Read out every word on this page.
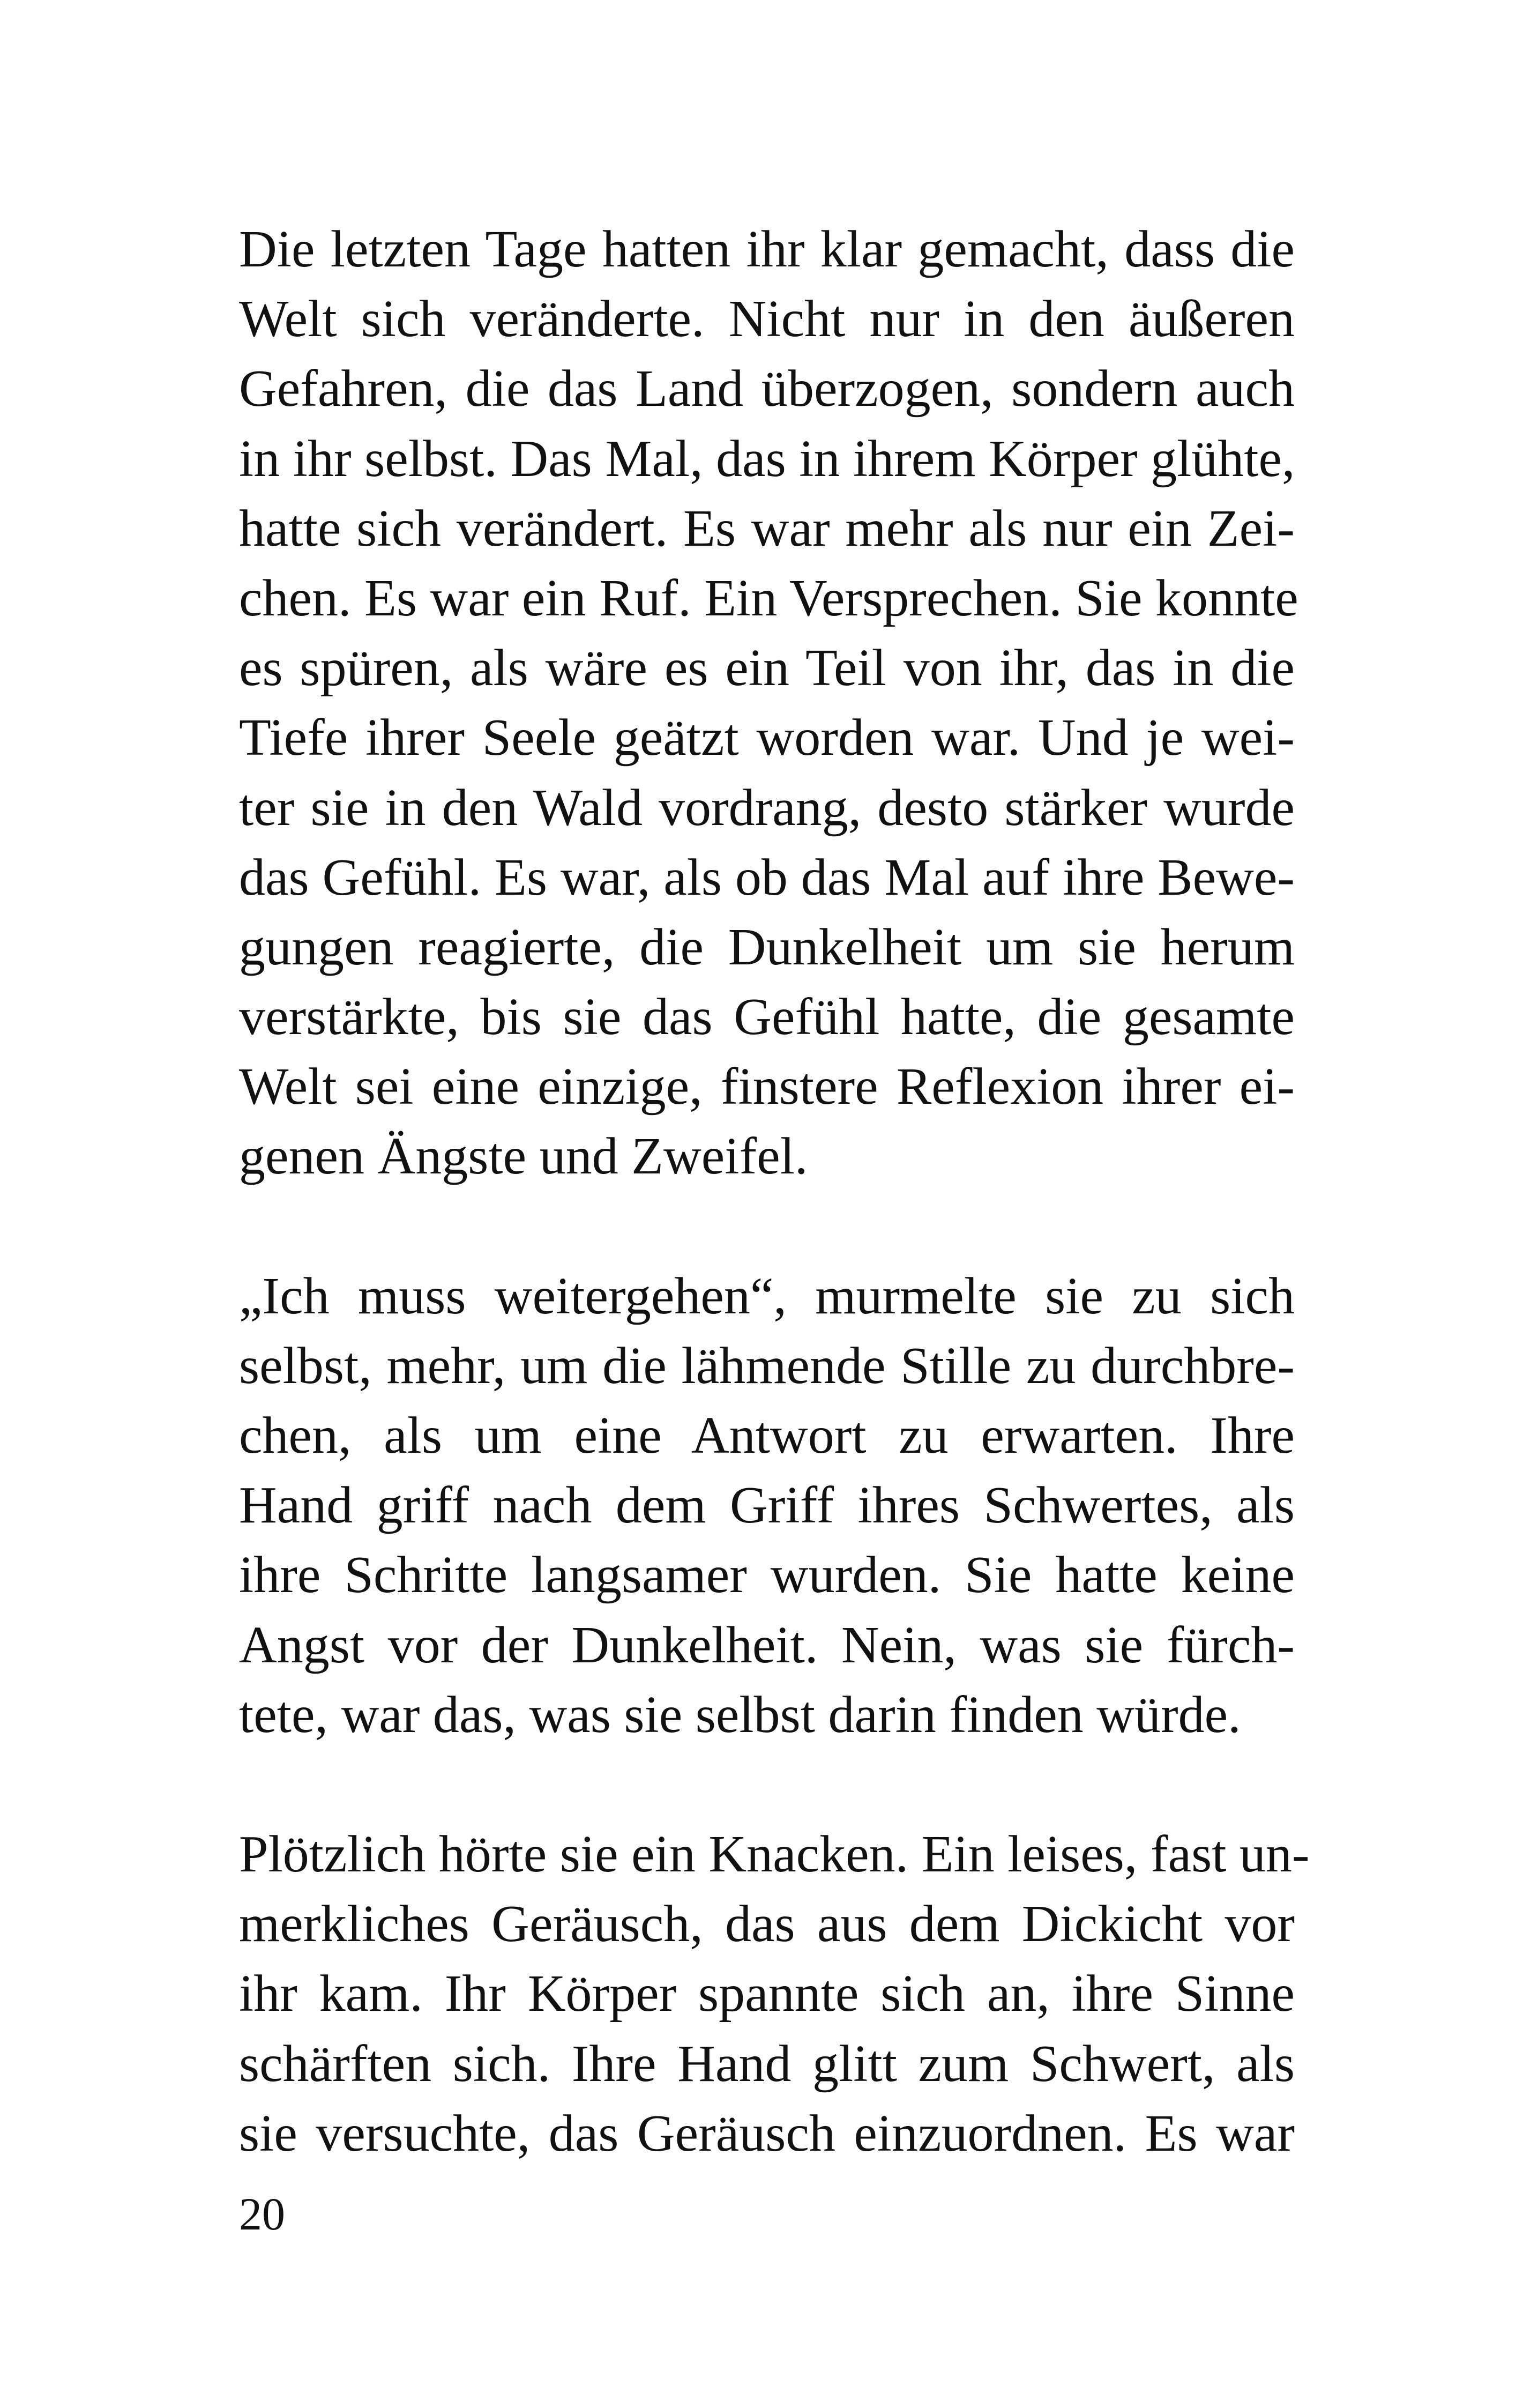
Die letzten Tage hatten ihr klar gemacht, dass die
Welt sich veränderte. Nicht nur in den äußeren
Gefahren, die das Land überzogen, sondern auch
in ihr selbst. Das Mal, das in ihrem Körper glühte,
hatte sich verändert. Es war mehr als nur ein Zei-
chen. Es war ein Ruf. Ein Versprechen. Sie konnte
es spüren, als wäre es ein Teil von ihr, das in die
Tiefe ihrer Seele geätzt worden war. Und je wei-
ter sie in den Wald vordrang, desto stärker wurde
das Gefühl. Es war, als ob das Mal auf ihre Bewe-
gungen reagierte, die Dunkelheit um sie herum
verstärkte, bis sie das Gefühl hatte, die gesamte
Welt sei eine einzige, finstere Reflexion ihrer ei-
genen Ängste und Zweifel.
„Ich muss weitergehen“, murmelte sie zu sich
selbst, mehr, um die lähmende Stille zu durchbre-
chen, als um eine Antwort zu erwarten. Ihre
Hand griff nach dem Griff ihres Schwertes, als
ihre Schritte langsamer wurden. Sie hatte keine
Angst vor der Dunkelheit. Nein, was sie fürch-
tete, war das, was sie selbst darin finden würde.
Plötzlich hörte sie ein Knacken. Ein leises, fast un-
merkliches Geräusch, das aus dem Dickicht vor
ihr kam. Ihr Körper spannte sich an, ihre Sinne
schärften sich. Ihre Hand glitt zum Schwert, als
sie versuchte, das Geräusch einzuordnen. Es war
20
